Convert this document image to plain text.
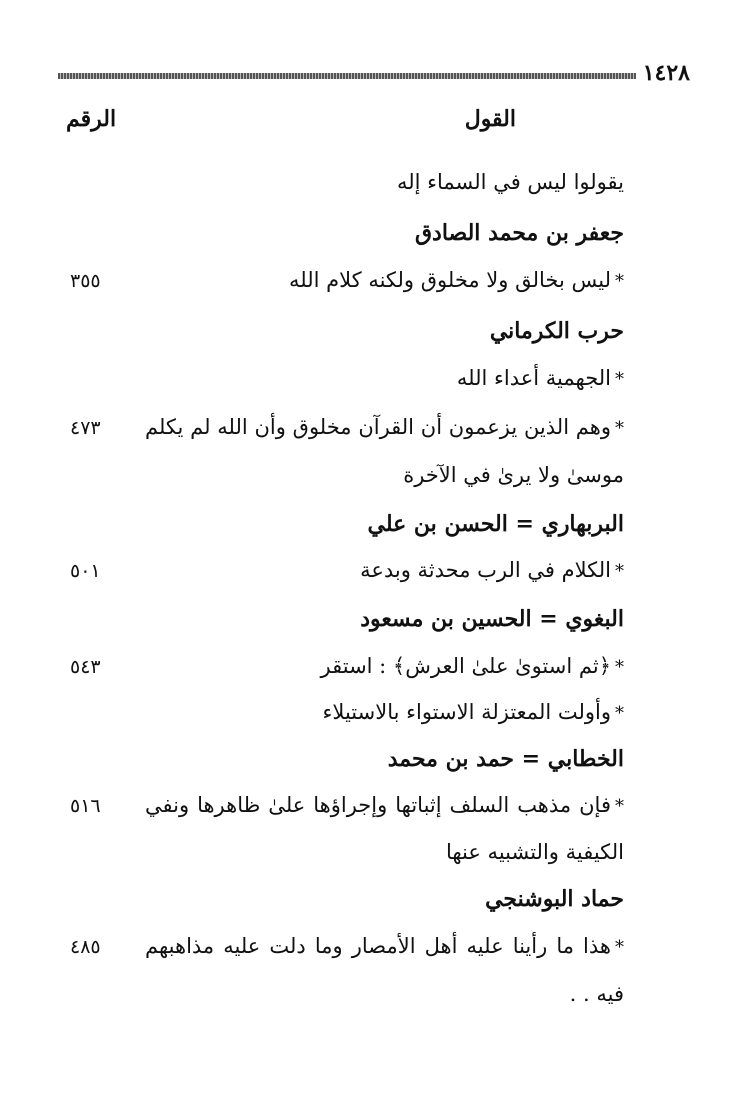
١٤٢٨
القول
الرقم
يقولوا ليس في السماء إله
جعفر بن محمد الصادق
*ليس بخالق ولا مخلوق ولكنه كلام الله
٣٥٥
حرب الكرماني
*الجهمية أعداء الله
*وهم الذين يزعمون أن القرآن مخلوق وأن الله لم يكلم
٤٧٣
موسىٰ ولا يرىٰ في الآخرة
البربهاري = الحسن بن علي
*الكلام في الرب محدثة وبدعة
٥٠١
البغوي = الحسين بن مسعود
*﴿ثم استوىٰ علىٰ العرش﴾ : استقر
٥٤٣
*وأولت المعتزلة الاستواء بالاستيلاء
الخطابي = حمد بن محمد
*فإن مذهب السلف إثباتها وإجراؤها علىٰ ظاهرها ونفي
٥١٦
الكيفية والتشبيه عنها
حماد البوشنجي
*هذا ما رأينا عليه أهل الأمصار وما دلت عليه مذاهبهم
٤٨٥
فيه . .
